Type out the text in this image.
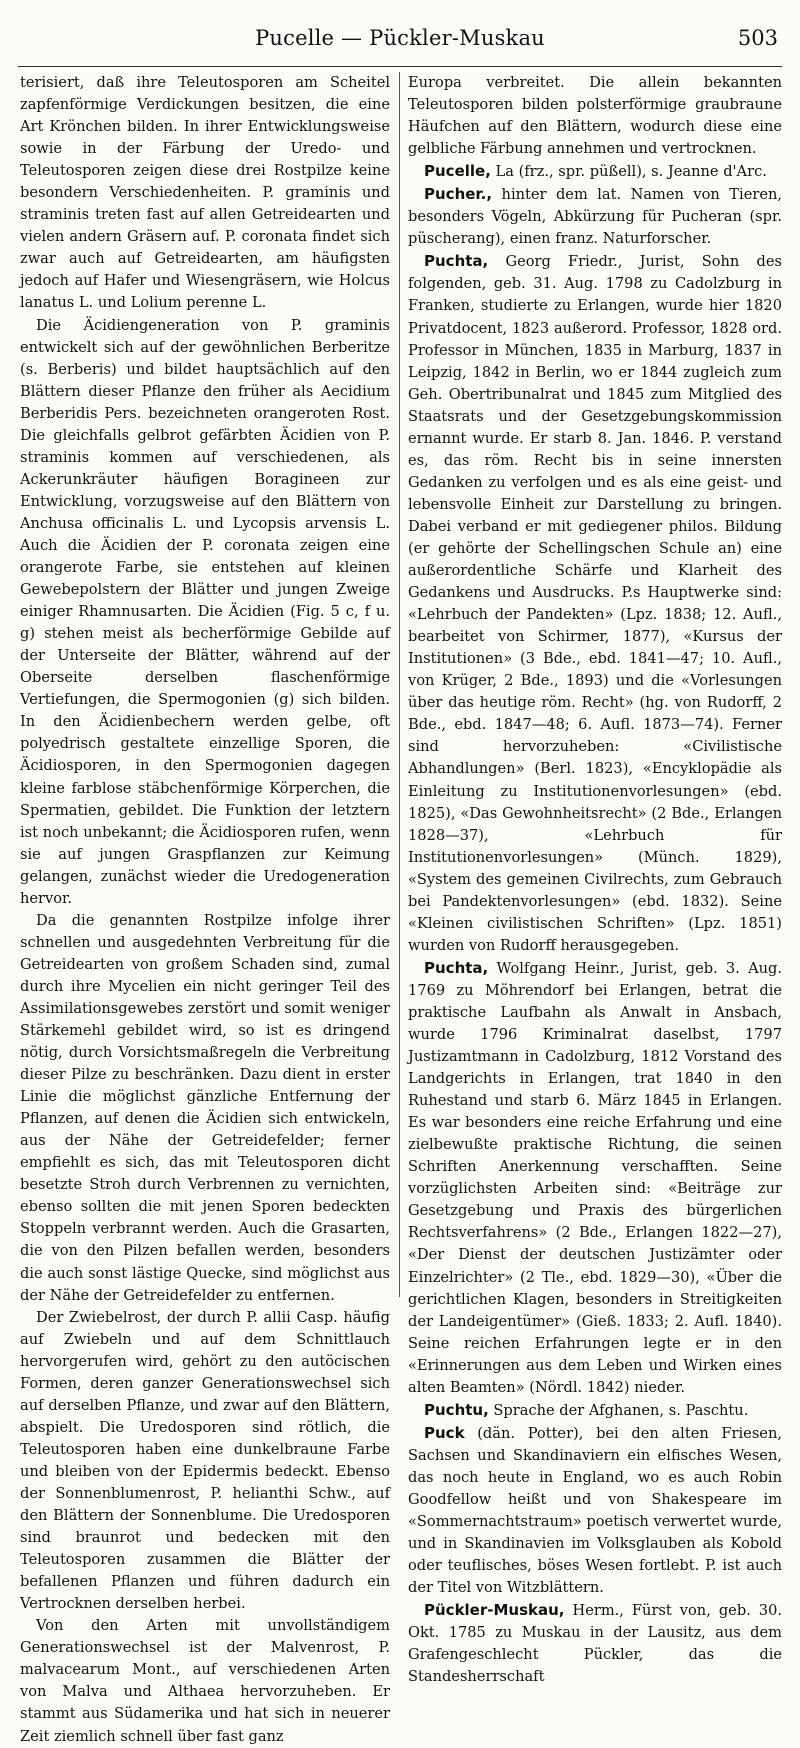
Pucelle — Pückler-Muskau	503

terisiert, daß ihre Teleutosporen am Scheitel zapfenförmige Verdickungen besitzen, die eine Art Krönchen bilden. In ihrer Entwicklungsweise sowie in der Färbung der Uredo- und Teleutosporen zeigen diese drei Rostpilze keine besondern Verschiedenheiten. P. graminis und straminis treten fast auf allen Getreidearten und vielen andern Gräsern auf. P. coronata findet sich zwar auch auf Getreidearten, am häufigsten jedoch auf Hafer und Wiesengräsern, wie Holcus lanatus L. und Lolium perenne L.

Die Äcidiengeneration von P. graminis entwickelt sich auf der gewöhnlichen Berberitze (s. Berberis) und bildet hauptsächlich auf den Blättern dieser Pflanze den früher als Aecidium Berberidis Pers. bezeichneten orangeroten Rost. Die gleichfalls gelbrot gefärbten Äcidien von P. straminis kommen auf verschiedenen, als Ackerunkräuter häufigen Boragineen zur Entwicklung, vorzugsweise auf den Blättern von Anchusa officinalis L. und Lycopsis arvensis L. Auch die Äcidien der P. coronata zeigen eine orangerote Farbe, sie entstehen auf kleinen Gewebepolstern der Blätter und jungen Zweige einiger Rhamnusarten. Die Äcidien (Fig. 5 c, f u. g) stehen meist als becherförmige Gebilde auf der Unterseite der Blätter, während auf der Oberseite derselben flaschenförmige Vertiefungen, die Spermogonien (g) sich bilden. In den Äcidienbechern werden gelbe, oft polyedrisch gestaltete einzellige Sporen, die Äcidiosporen, in den Spermogonien dagegen kleine farblose stäbchenförmige Körperchen, die Spermatien, gebildet. Die Funktion der letztern ist noch unbekannt; die Äcidiosporen rufen, wenn sie auf jungen Graspflanzen zur Keimung gelangen, zunächst wieder die Uredogeneration hervor.

Da die genannten Rostpilze infolge ihrer schnellen und ausgedehnten Verbreitung für die Getreidearten von großem Schaden sind, zumal durch ihre Mycelien ein nicht geringer Teil des Assimilationsgewebes zerstört und somit weniger Stärkemehl gebildet wird, so ist es dringend nötig, durch Vorsichtsmaßregeln die Verbreitung dieser Pilze zu beschränken. Dazu dient in erster Linie die möglichst gänzliche Entfernung der Pflanzen, auf denen die Äcidien sich entwickeln, aus der Nähe der Getreidefelder; ferner empfiehlt es sich, das mit Teleutosporen dicht besetzte Stroh durch Verbrennen zu vernichten, ebenso sollten die mit jenen Sporen bedeckten Stoppeln verbrannt werden. Auch die Grasarten, die von den Pilzen befallen werden, besonders die auch sonst lästige Quecke, sind möglichst aus der Nähe der Getreidefelder zu entfernen.

Der Zwiebelrost, der durch P. allii Casp. häufig auf Zwiebeln und auf dem Schnittlauch hervorgerufen wird, gehört zu den autöcischen Formen, deren ganzer Generationswechsel sich auf derselben Pflanze, und zwar auf den Blättern, abspielt. Die Uredosporen sind rötlich, die Teleutosporen haben eine dunkelbraune Farbe und bleiben von der Epidermis bedeckt. Ebenso der Sonnenblumenrost, P. helianthi Schw., auf den Blättern der Sonnenblume. Die Uredosporen sind braunrot und bedecken mit den Teleutosporen zusammen die Blätter der befallenen Pflanzen und führen dadurch ein Vertrocknen derselben herbei.

Von den Arten mit unvollständigem Generationswechsel ist der Malvenrost, P. malvacearum Mont., auf verschiedenen Arten von Malva und Althaea hervorzuheben. Er stammt aus Südamerika und hat sich in neuerer Zeit ziemlich schnell über fast ganz

Europa verbreitet. Die allein bekannten Teleutosporen bilden polsterförmige graubraune Häufchen auf den Blättern, wodurch diese eine gelbliche Färbung annehmen und vertrocknen.

Pucelle, La (frz., spr. püßell), s. Jeanne d'Arc.

Pucher., hinter dem lat. Namen von Tieren, besonders Vögeln, Abkürzung für Pucheran (spr. püscherang), einen franz. Naturforscher.

Puchta, Georg Friedr., Jurist, Sohn des folgenden, geb. 31. Aug. 1798 zu Cadolzburg in Franken, studierte zu Erlangen, wurde hier 1820 Privatdocent, 1823 außerord. Professor, 1828 ord. Professor in München, 1835 in Marburg, 1837 in Leipzig, 1842 in Berlin, wo er 1844 zugleich zum Geh. Obertribunalrat und 1845 zum Mitglied des Staatsrats und der Gesetzgebungskommission ernannt wurde. Er starb 8. Jan. 1846. P. verstand es, das röm. Recht bis in seine innersten Gedanken zu verfolgen und es als eine geist- und lebensvolle Einheit zur Darstellung zu bringen. Dabei verband er mit gediegener philos. Bildung (er gehörte der Schellingschen Schule an) eine außerordentliche Schärfe und Klarheit des Gedankens und Ausdrucks. P.s Hauptwerke sind: «Lehrbuch der Pandekten» (Lpz. 1838; 12. Aufl., bearbeitet von Schirmer, 1877), «Kursus der Institutionen» (3 Bde., ebd. 1841—47; 10. Aufl., von Krüger, 2 Bde., 1893) und die «Vorlesungen über das heutige röm. Recht» (hg. von Rudorff, 2 Bde., ebd. 1847—48; 6. Aufl. 1873—74). Ferner sind hervorzuheben: «Civilistische Abhandlungen» (Berl. 1823), «Encyklopädie als Einleitung zu Institutionenvorlesungen» (ebd. 1825), «Das Gewohnheitsrecht» (2 Bde., Erlangen 1828—37), «Lehrbuch für Institutionenvorlesungen» (Münch. 1829), «System des gemeinen Civilrechts, zum Gebrauch bei Pandektenvorlesungen» (ebd. 1832). Seine «Kleinen civilistischen Schriften» (Lpz. 1851) wurden von Rudorff herausgegeben.

Puchta, Wolfgang Heinr., Jurist, geb. 3. Aug. 1769 zu Möhrendorf bei Erlangen, betrat die praktische Laufbahn als Anwalt in Ansbach, wurde 1796 Kriminalrat daselbst, 1797 Justizamtmann in Cadolzburg, 1812 Vorstand des Landgerichts in Erlangen, trat 1840 in den Ruhestand und starb 6. März 1845 in Erlangen. Es war besonders eine reiche Erfahrung und eine zielbewußte praktische Richtung, die seinen Schriften Anerkennung verschafften. Seine vorzüglichsten Arbeiten sind: «Beiträge zur Gesetzgebung und Praxis des bürgerlichen Rechtsverfahrens» (2 Bde., Erlangen 1822—27), «Der Dienst der deutschen Justizämter oder Einzelrichter» (2 Tle., ebd. 1829—30), «Über die gerichtlichen Klagen, besonders in Streitigkeiten der Landeigentümer» (Gieß. 1833; 2. Aufl. 1840). Seine reichen Erfahrungen legte er in den «Erinnerungen aus dem Leben und Wirken eines alten Beamten» (Nördl. 1842) nieder.

Puchtu, Sprache der Afghanen, s. Paschtu.

Puck (dän. Potter), bei den alten Friesen, Sachsen und Skandinaviern ein elfisches Wesen, das noch heute in England, wo es auch Robin Goodfellow heißt und von Shakespeare im «Sommernachtstraum» poetisch verwertet wurde, und in Skandinavien im Volksglauben als Kobold oder teuflisches, böses Wesen fortlebt. P. ist auch der Titel von Witzblättern.

Pückler-Muskau, Herm., Fürst von, geb. 30. Okt. 1785 zu Muskau in der Lausitz, aus dem Grafengeschlecht Pückler, das die Standesherrschaft
